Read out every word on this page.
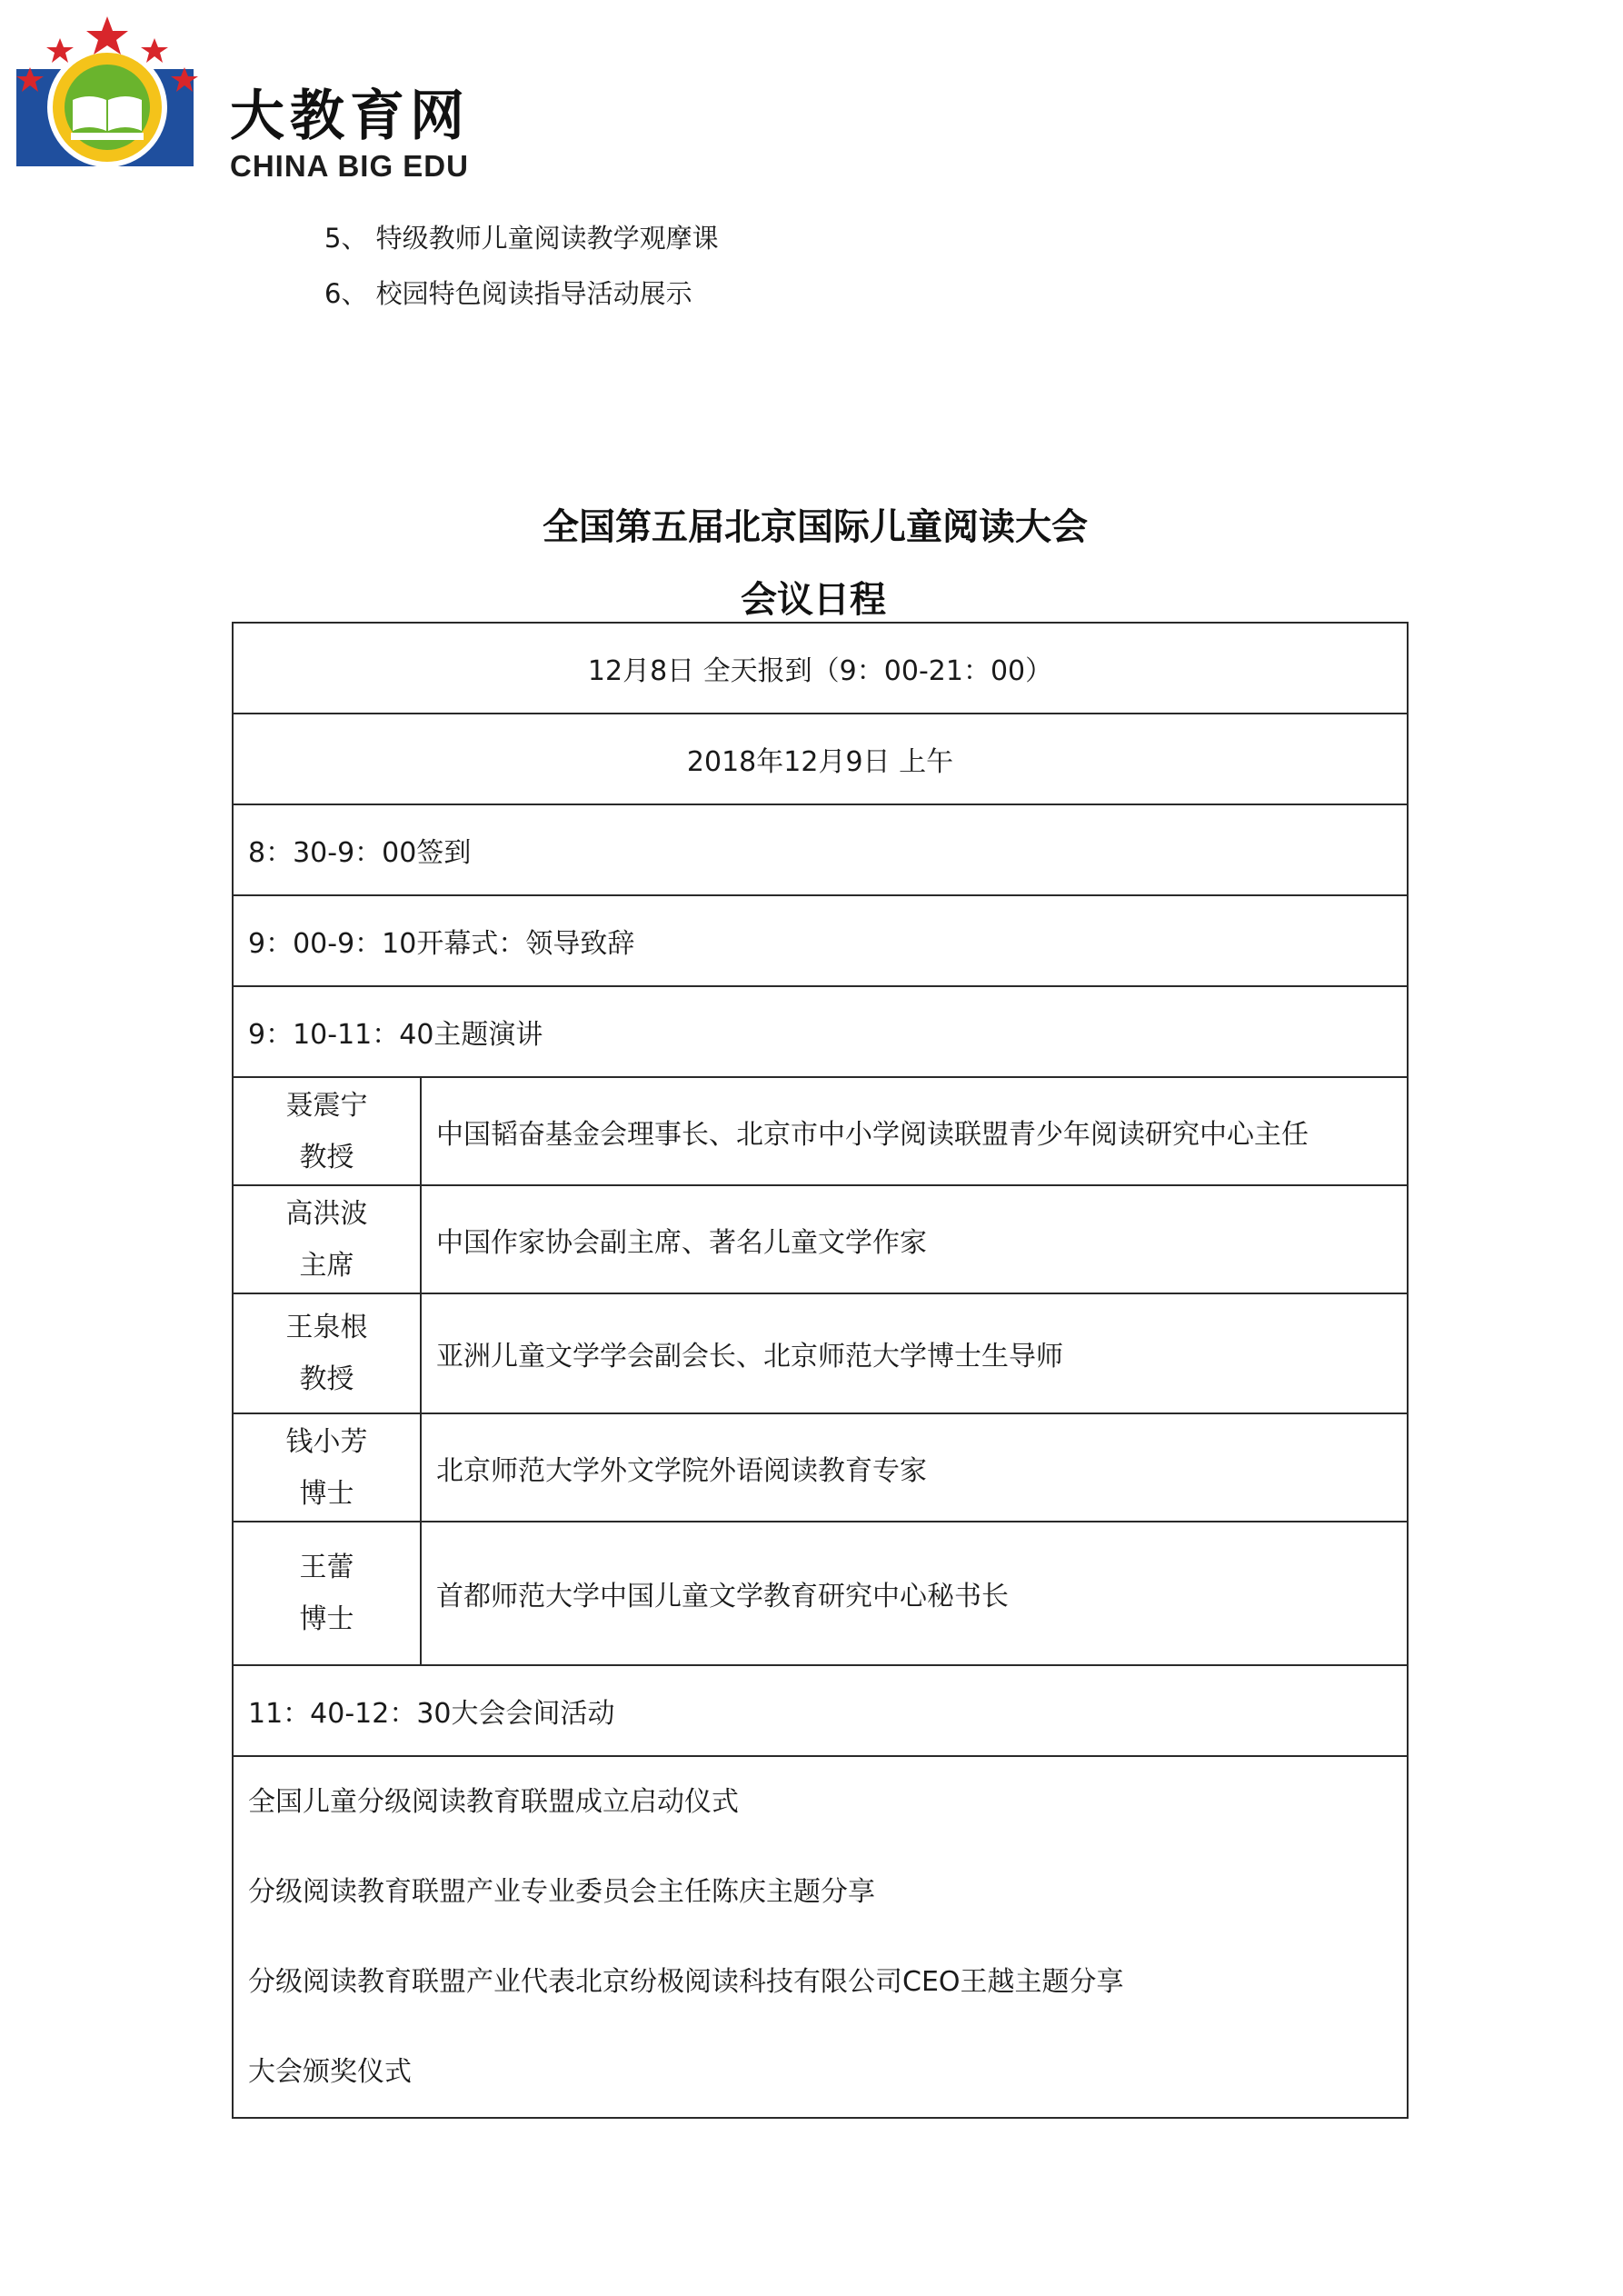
大教育网
CHINA BIG EDU
5、 特级教师儿童阅读教学观摩课
6、 校园特色阅读指导活动展示
全国第五届北京国际儿童阅读大会
会议日程
12月8日 全天报到（9：00-21：00）	
2018年12月9日 上午	
8：30-9：00签到	
9：00-9：10开幕式：领导致辞	
9：10-11：40主题演讲	

聂震宁
教授	中国韬奋基金会理事长、北京市中小学阅读联盟青少年阅读研究中心主任

高洪波
主席	中国作家协会副主席、著名儿童文学作家

王泉根
教授	亚洲儿童文学学会副会长、北京师范大学博士生导师

钱小芳
博士	北京师范大学外文学院外语阅读教育专家

王蕾
博士	首都师范大学中国儿童文学教育研究中心秘书长
11：40-12：30大会会间活动	

全国儿童分级阅读教育联盟成立启动仪式
分级阅读教育联盟产业专业委员会主任陈庆主题分享
分级阅读教育联盟产业代表北京纷极阅读科技有限公司CEO王越主题分享
大会颁奖仪式	
